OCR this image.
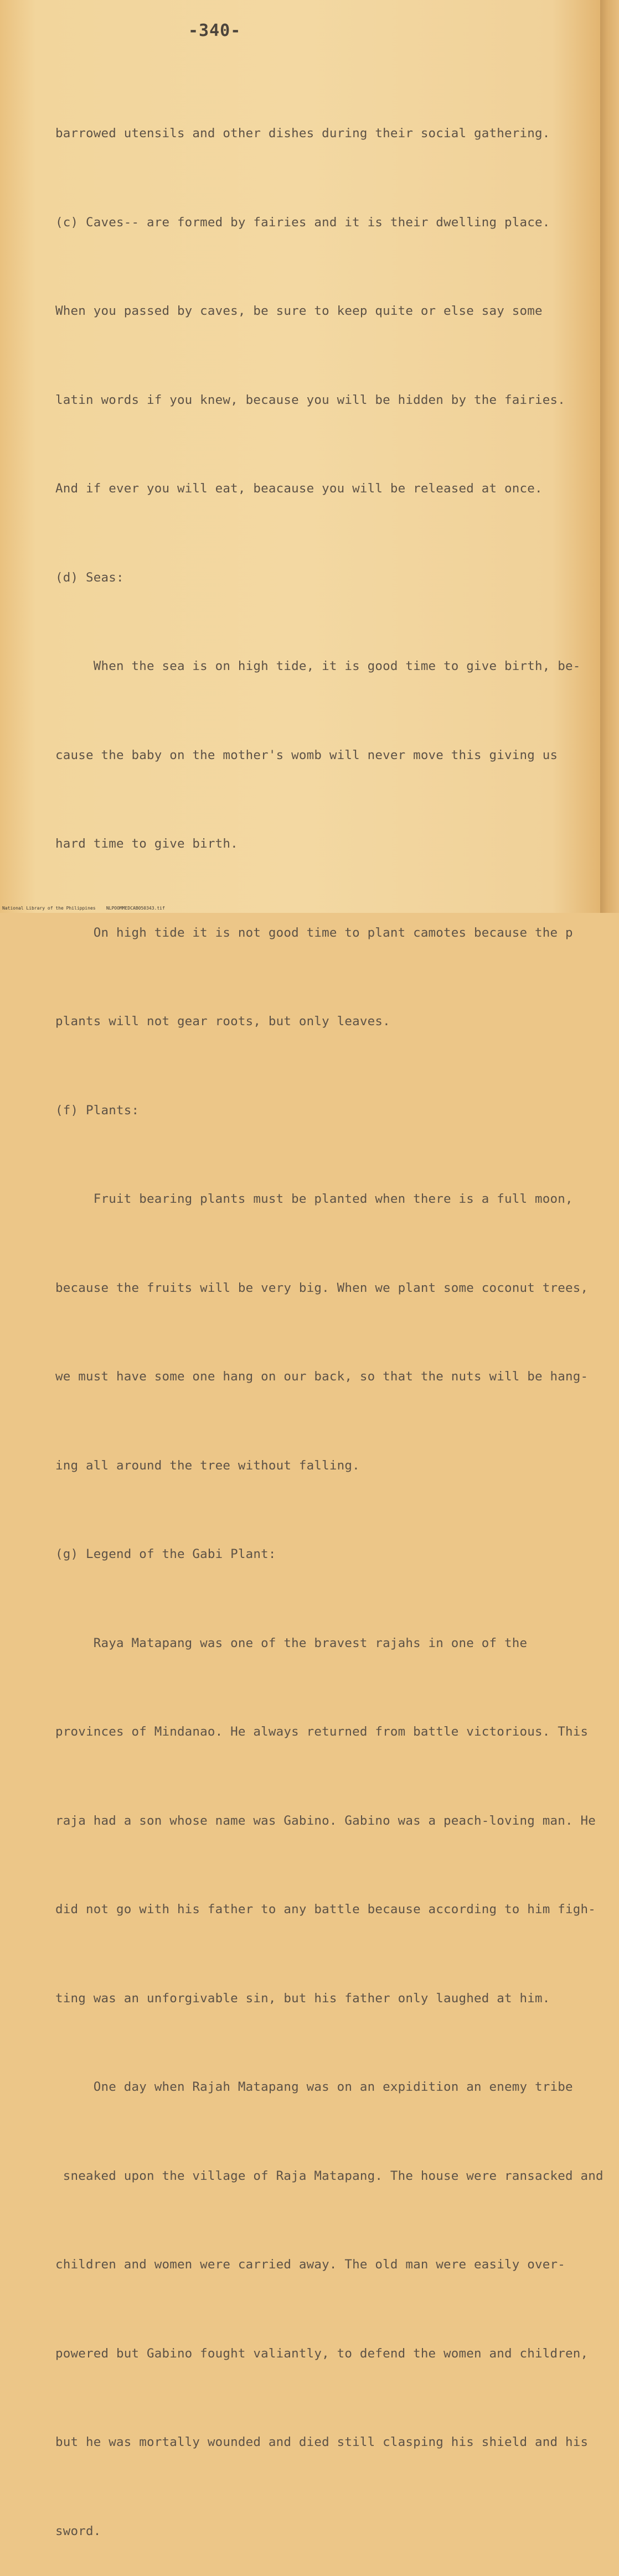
-340-

barrowed utensils and other dishes during their social gathering.

(c) Caves-- are formed by fairies and it is their dwelling place.

When you passed by caves, be sure to keep quite or else say some

latin words if you knew, because you will be hidden by the fairies.

And if ever you will eat, beacause you will be released at once.

(d) Seas:

When the sea is on high tide, it is good time to give birth, be-

cause the baby on the mother's womb will never move this giving us

hard time to give birth.

On high tide it is not good time to plant camotes because the p

plants will not gear roots, but only leaves.

(f) Plants:

Fruit bearing plants must be planted when there is a full moon,

because the fruits will be very big. When we plant some coconut trees,

we must have some one hang on our back, so that the nuts will be hang-

ing all around the tree without falling.

(g) Legend of the Gabi Plant:

Raya Matapang was one of the bravest rajahs in one of the

provinces of Mindanao. He always returned from battle victorious. This

raja had a son whose name was Gabino. Gabino was a peach-loving man. He

did not go with his father to any battle because according to him figh-

ting was an unforgivable sin, but his father only laughed at him.

One day when Rajah Matapang was on an expidition an enemy tribe

sneaked upon the village of Raja Matapang. The house were ransacked and

children and women were carried away. The old man were easily over-

powered but Gabino fought valiantly, to defend the women and children,

but he was mortally wounded and died still clasping his shield and his

sword.

National Library of the Philippines    NLPOOMMEDCAB050343.tif
